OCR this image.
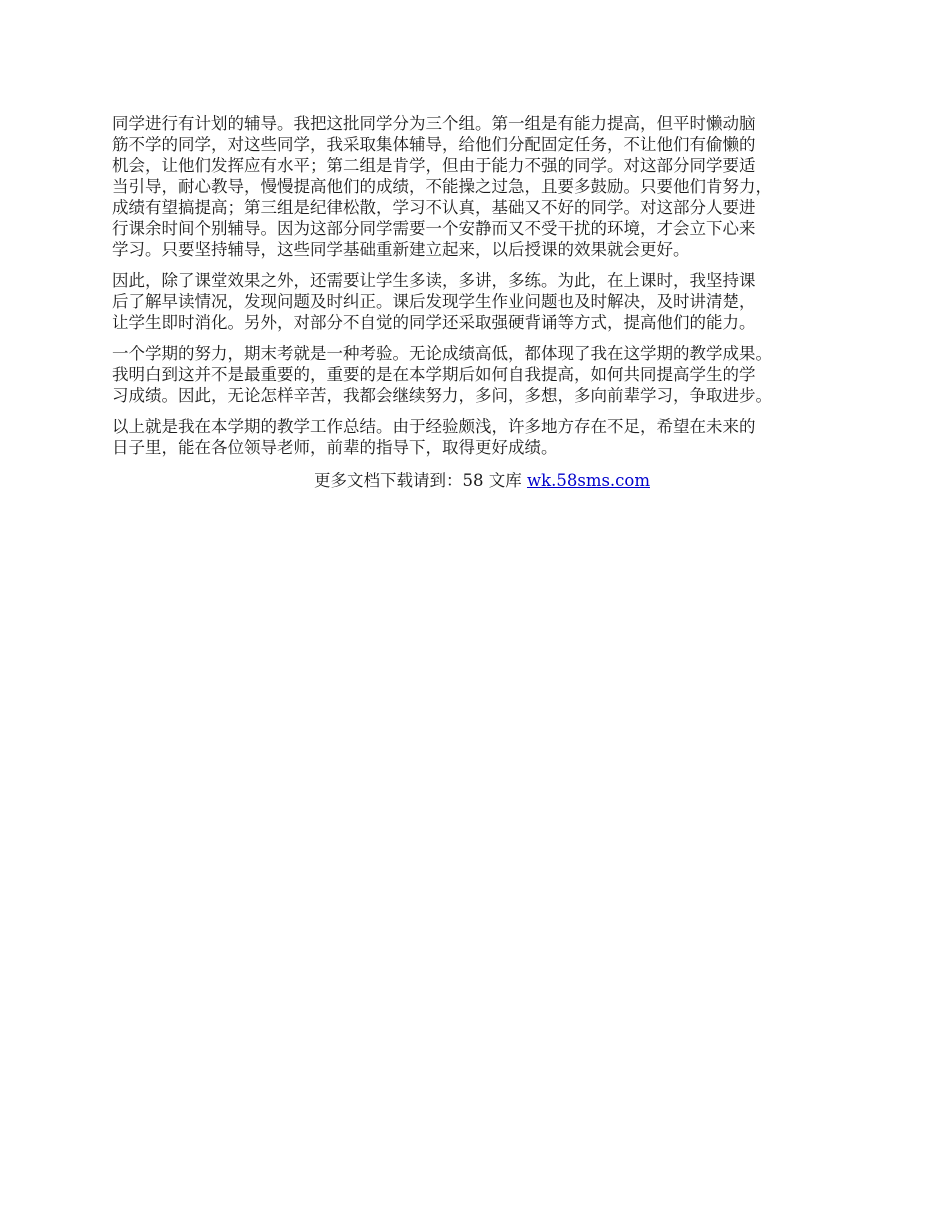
同学进行有计划的辅导。我把这批同学分为三个组。第一组是有能力提高，但平时懒动脑
筋不学的同学，对这些同学，我采取集体辅导，给他们分配固定任务，不让他们有偷懒的
机会，让他们发挥应有水平；第二组是肯学，但由于能力不强的同学。对这部分同学要适
当引导，耐心教导，慢慢提高他们的成绩，不能操之过急，且要多鼓励。只要他们肯努力，
成绩有望搞提高；第三组是纪律松散，学习不认真，基础又不好的同学。对这部分人要进
行课余时间个别辅导。因为这部分同学需要一个安静而又不受干扰的环境，才会立下心来
学习。只要坚持辅导，这些同学基础重新建立起来，以后授课的效果就会更好。

因此，除了课堂效果之外，还需要让学生多读，多讲，多练。为此，在上课时，我坚持课
后了解早读情况，发现问题及时纠正。课后发现学生作业问题也及时解决，及时讲清楚，
让学生即时消化。另外，对部分不自觉的同学还采取强硬背诵等方式，提高他们的能力。

一个学期的努力，期末考就是一种考验。无论成绩高低，都体现了我在这学期的教学成果。
我明白到这并不是最重要的，重要的是在本学期后如何自我提高，如何共同提高学生的学
习成绩。因此，无论怎样辛苦，我都会继续努力，多问，多想，多向前辈学习，争取进步。

以上就是我在本学期的教学工作总结。由于经验颇浅，许多地方存在不足，希望在未来的
日子里，能在各位领导老师，前辈的指导下，取得更好成绩。

更多文档下载请到：58 文库 wk.58sms.com
